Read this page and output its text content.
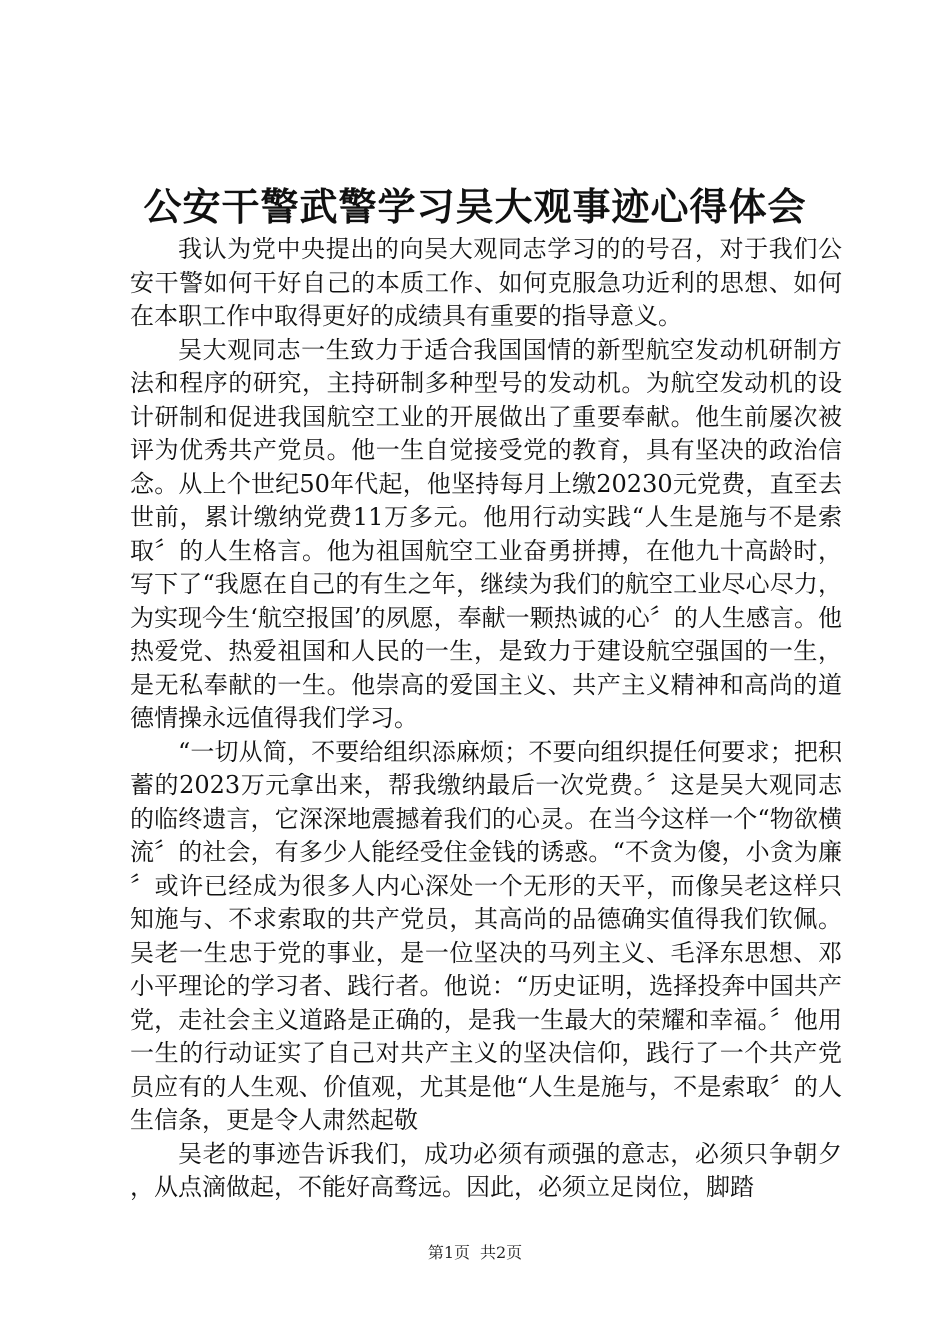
公安干警武警学习吴大观事迹心得体会

我认为党中央提出的向吴大观同志学习的的号召，对于我们公安干警如何干好自己的本质工作、如何克服急功近利的思想、如何在本职工作中取得更好的成绩具有重要的指导意义。

吴大观同志一生致力于适合我国国情的新型航空发动机研制方法和程序的研究，主持研制多种型号的发动机。为航空发动机的设计研制和促进我国航空工业的开展做出了重要奉献。他生前屡次被评为优秀共产党员。他一生自觉接受党的教育，具有坚决的政治信念。从上个世纪50年代起，他坚持每月上缴20230元党费，直至去世前，累计缴纳党费11万多元。他用行动实践“人生是施与不是索取〞的人生格言。他为祖国航空工业奋勇拼搏，在他九十高龄时，写下了“我愿在自己的有生之年，继续为我们的航空工业尽心尽力，为实现今生‘航空报国’的夙愿，奉献一颗热诚的心〞的人生感言。他热爱党、热爱祖国和人民的一生，是致力于建设航空强国的一生，是无私奉献的一生。他崇高的爱国主义、共产主义精神和高尚的道德情操永远值得我们学习。

“一切从简，不要给组织添麻烦；不要向组织提任何要求；把积蓄的2023万元拿出来，帮我缴纳最后一次党费。〞这是吴大观同志的临终遗言，它深深地震撼着我们的心灵。在当今这样一个“物欲横流〞的社会，有多少人能经受住金钱的诱惑。“不贪为傻，小贪为廉〞或许已经成为很多人内心深处一个无形的天平，而像吴老这样只知施与、不求索取的共产党员，其高尚的品德确实值得我们钦佩。吴老一生忠于党的事业，是一位坚决的马列主义、毛泽东思想、邓小平理论的学习者、践行者。他说：“历史证明，选择投奔中国共产党，走社会主义道路是正确的，是我一生最大的荣耀和幸福。〞他用一生的行动证实了自己对共产主义的坚决信仰，践行了一个共产党员应有的人生观、价值观，尤其是他“人生是施与，不是索取〞的人生信条，更是令人肃然起敬

吴老的事迹告诉我们，成功必须有顽强的意志，必须只争朝夕，从点滴做起，不能好高骛远。因此，必须立足岗位，脚踏

第1页 共2页
